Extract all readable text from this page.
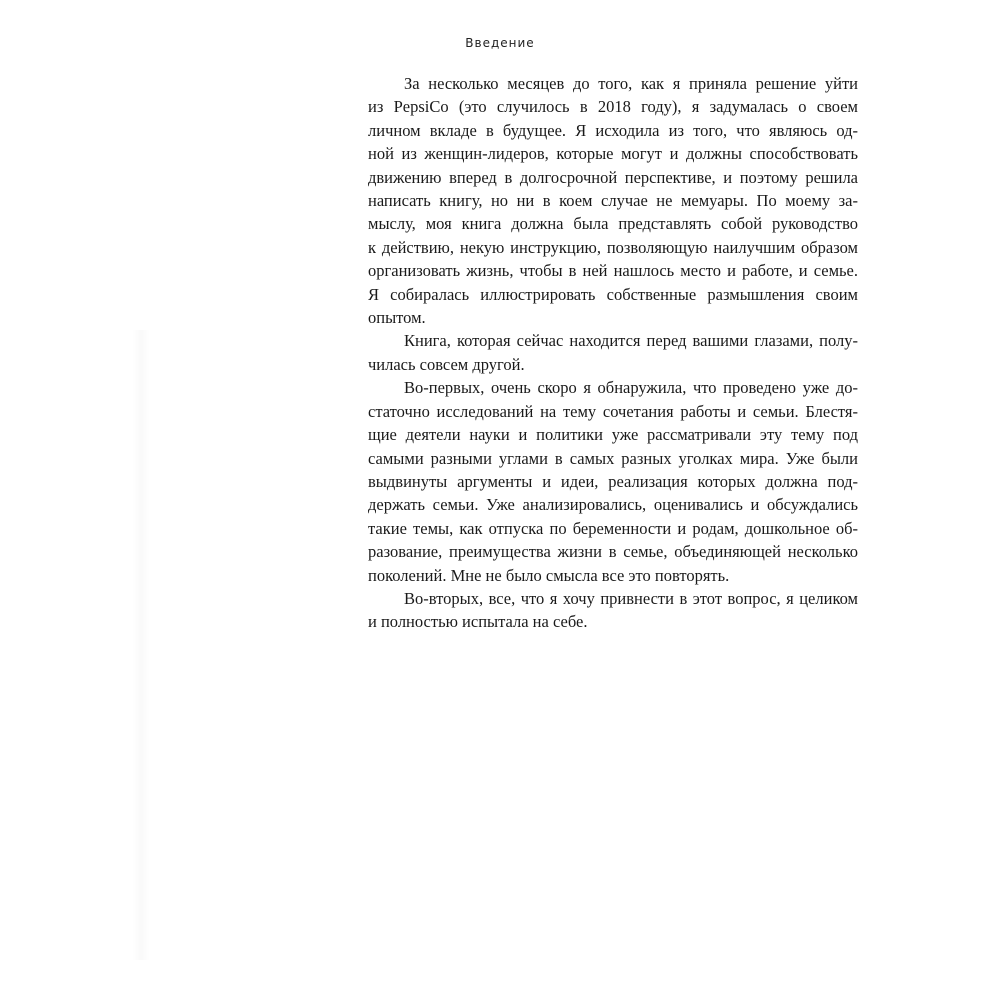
Введение
За несколько месяцев до того, как я приняла решение уйти
из PepsiCo (это случилось в 2018 году), я задумалась о своем
личном вкладе в будущее. Я исходила из того, что являюсь од-
ной из женщин-лидеров, которые могут и должны способствовать
движению вперед в долгосрочной перспективе, и поэтому решила
написать книгу, но ни в коем случае не мемуары. По моему за-
мыслу, моя книга должна была представлять собой руководство
к действию, некую инструкцию, позволяющую наилучшим образом
организовать жизнь, чтобы в ней нашлось место и работе, и семье.
Я собиралась иллюстрировать собственные размышления своим
опытом.
Книга, которая сейчас находится перед вашими глазами, полу-
чилась совсем другой.
Во-первых, очень скоро я обнаружила, что проведено уже до-
статочно исследований на тему сочетания работы и семьи. Блестя-
щие деятели науки и политики уже рассматривали эту тему под
самыми разными углами в самых разных уголках мира. Уже были
выдвинуты аргументы и идеи, реализация которых должна под-
держать семьи. Уже анализировались, оценивались и обсуждались
такие темы, как отпуска по беременности и родам, дошкольное об-
разование, преимущества жизни в семье, объединяющей несколько
поколений. Мне не было смысла все это повторять.
Во-вторых, все, что я хочу привнести в этот вопрос, я целиком
и полностью испытала на себе.
